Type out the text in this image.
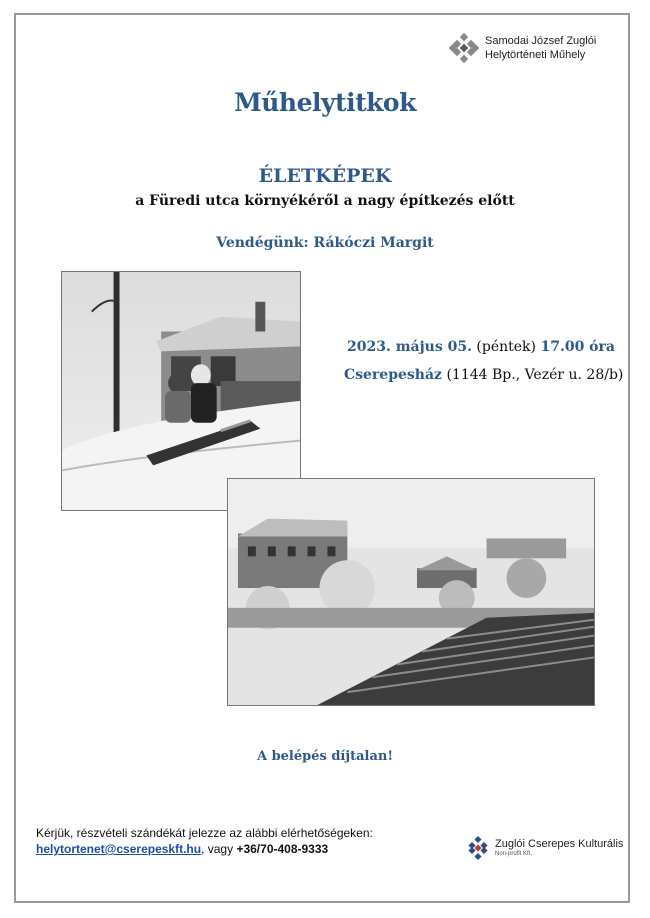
Samodai József Zuglói
Helytörténeti Műhely
Műhelytitkok
ÉLETKÉPEK
a Füredi utca környékéről a nagy építkezés előtt
Vendégünk: Rákóczi Margit
2023. május 05. (péntek) 17.00 óra
Cserepesház (1144 Bp., Vezér u. 28/b)
A belépés díjtalan!
Kérjük, részvételi szándékát jelezze az alábbi elérhetőségeken:
helytortenet@cserepeskft.hu, vagy +36/70-408-9333	Zuglói Cserepes Kulturális
Non-profit Kft.
